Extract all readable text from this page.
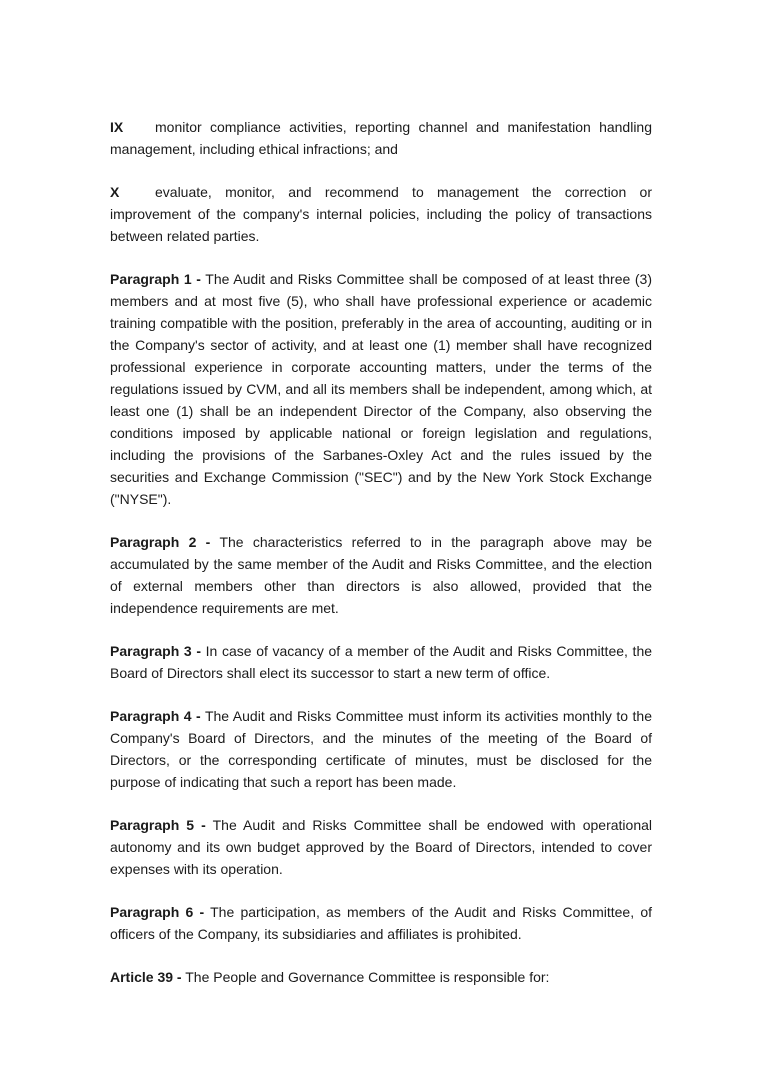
IX monitor compliance activities, reporting channel and manifestation handling management, including ethical infractions; and

X	evaluate, monitor, and recommend to management the correction or improvement of the company's internal policies, including the policy of transactions between related parties.

Paragraph 1 - The Audit and Risks Committee shall be composed of at least three (3) members and at most five (5), who shall have professional experience or academic training compatible with the position, preferably in the area of accounting, auditing or in the Company's sector of activity, and at least one (1) member shall have recognized professional experience in corporate accounting matters, under the terms of the regulations issued by CVM, and all its members shall be independent, among which, at least one (1) shall be an independent Director of the Company, also observing the conditions imposed by applicable national or foreign legislation and regulations, including the provisions of the Sarbanes-Oxley Act and the rules issued by the securities and Exchange Commission ("SEC") and by the New York Stock Exchange ("NYSE").

Paragraph 2 - The characteristics referred to in the paragraph above may be accumulated by the same member of the Audit and Risks Committee, and the election of external members other than directors is also allowed, provided that the independence requirements are met.

Paragraph 3 - In case of vacancy of a member of the Audit and Risks Committee, the Board of Directors shall elect its successor to start a new term of office.

Paragraph 4 - The Audit and Risks Committee must inform its activities monthly to the Company's Board of Directors, and the minutes of the meeting of the Board of Directors, or the corresponding certificate of minutes, must be disclosed for the purpose of indicating that such a report has been made.

Paragraph 5 - The Audit and Risks Committee shall be endowed with operational autonomy and its own budget approved by the Board of Directors, intended to cover expenses with its operation.

Paragraph 6 - The participation, as members of the Audit and Risks Committee, of officers of the Company, its subsidiaries and affiliates is prohibited.

Article 39 - The People and Governance Committee is responsible for:
